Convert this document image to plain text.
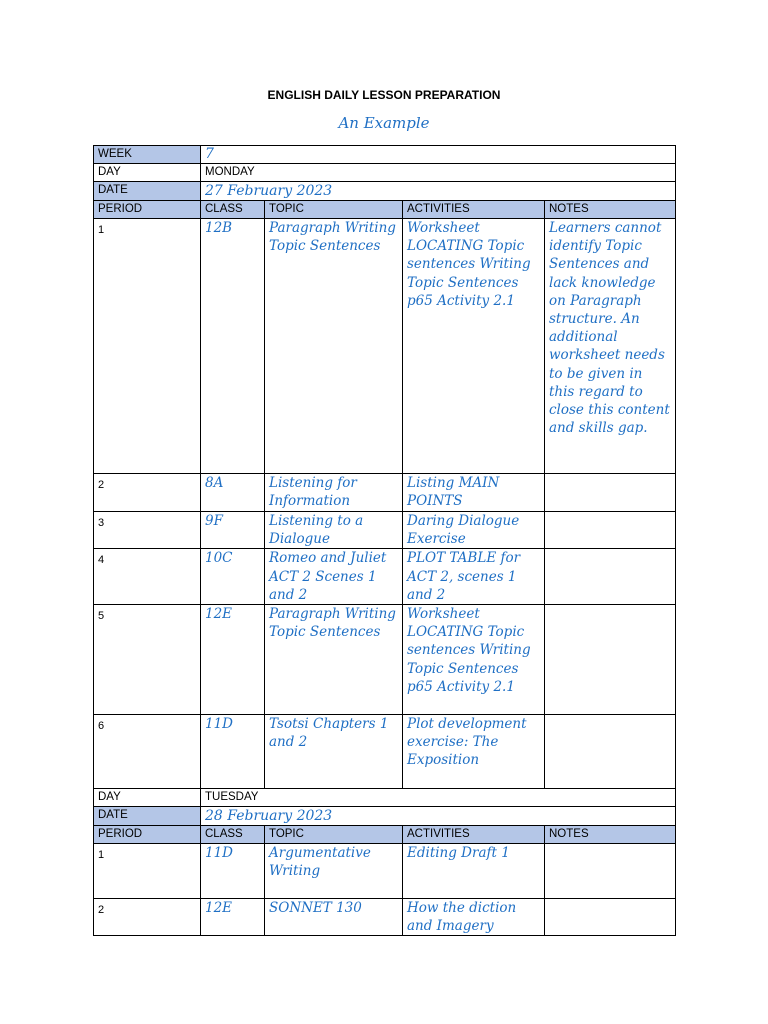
ENGLISH DAILY LESSON PREPARATION
An Example
WEEK	7			

DAY	MONDAY			
DATE	27 February 2023			

PERIOD	CLASS	TOPIC	ACTIVITIES	NOTES
1	12B	Paragraph Writing Topic Sentences	Worksheet LOCATING Topic sentences Writing Topic Sentences p65 Activity 2.1	Learners cannot identify Topic Sentences and lack knowledge on Paragraph structure. An additional worksheet needs to be given in this regard to close this content and skills gap.

2	8A	Listening for Information	Listing MAIN POINTS	

3	9F	Listening to a Dialogue	Daring Dialogue Exercise	

4	10C	Romeo and Juliet ACT 2 Scenes 1 and 2	PLOT TABLE for ACT 2, scenes 1 and 2	

5	12E	Paragraph Writing Topic Sentences	Worksheet LOCATING Topic sentences Writing Topic Sentences p65 Activity 2.1	

6	11D	Tsotsi Chapters 1 and 2	Plot development exercise: The Exposition	

DAY	TUESDAY			
DATE	28 February 2023			

PERIOD	CLASS	TOPIC	ACTIVITIES	NOTES
1	11D	Argumentative Writing	Editing Draft 1	

2	12E	SONNET 130	How the diction and Imagery	
